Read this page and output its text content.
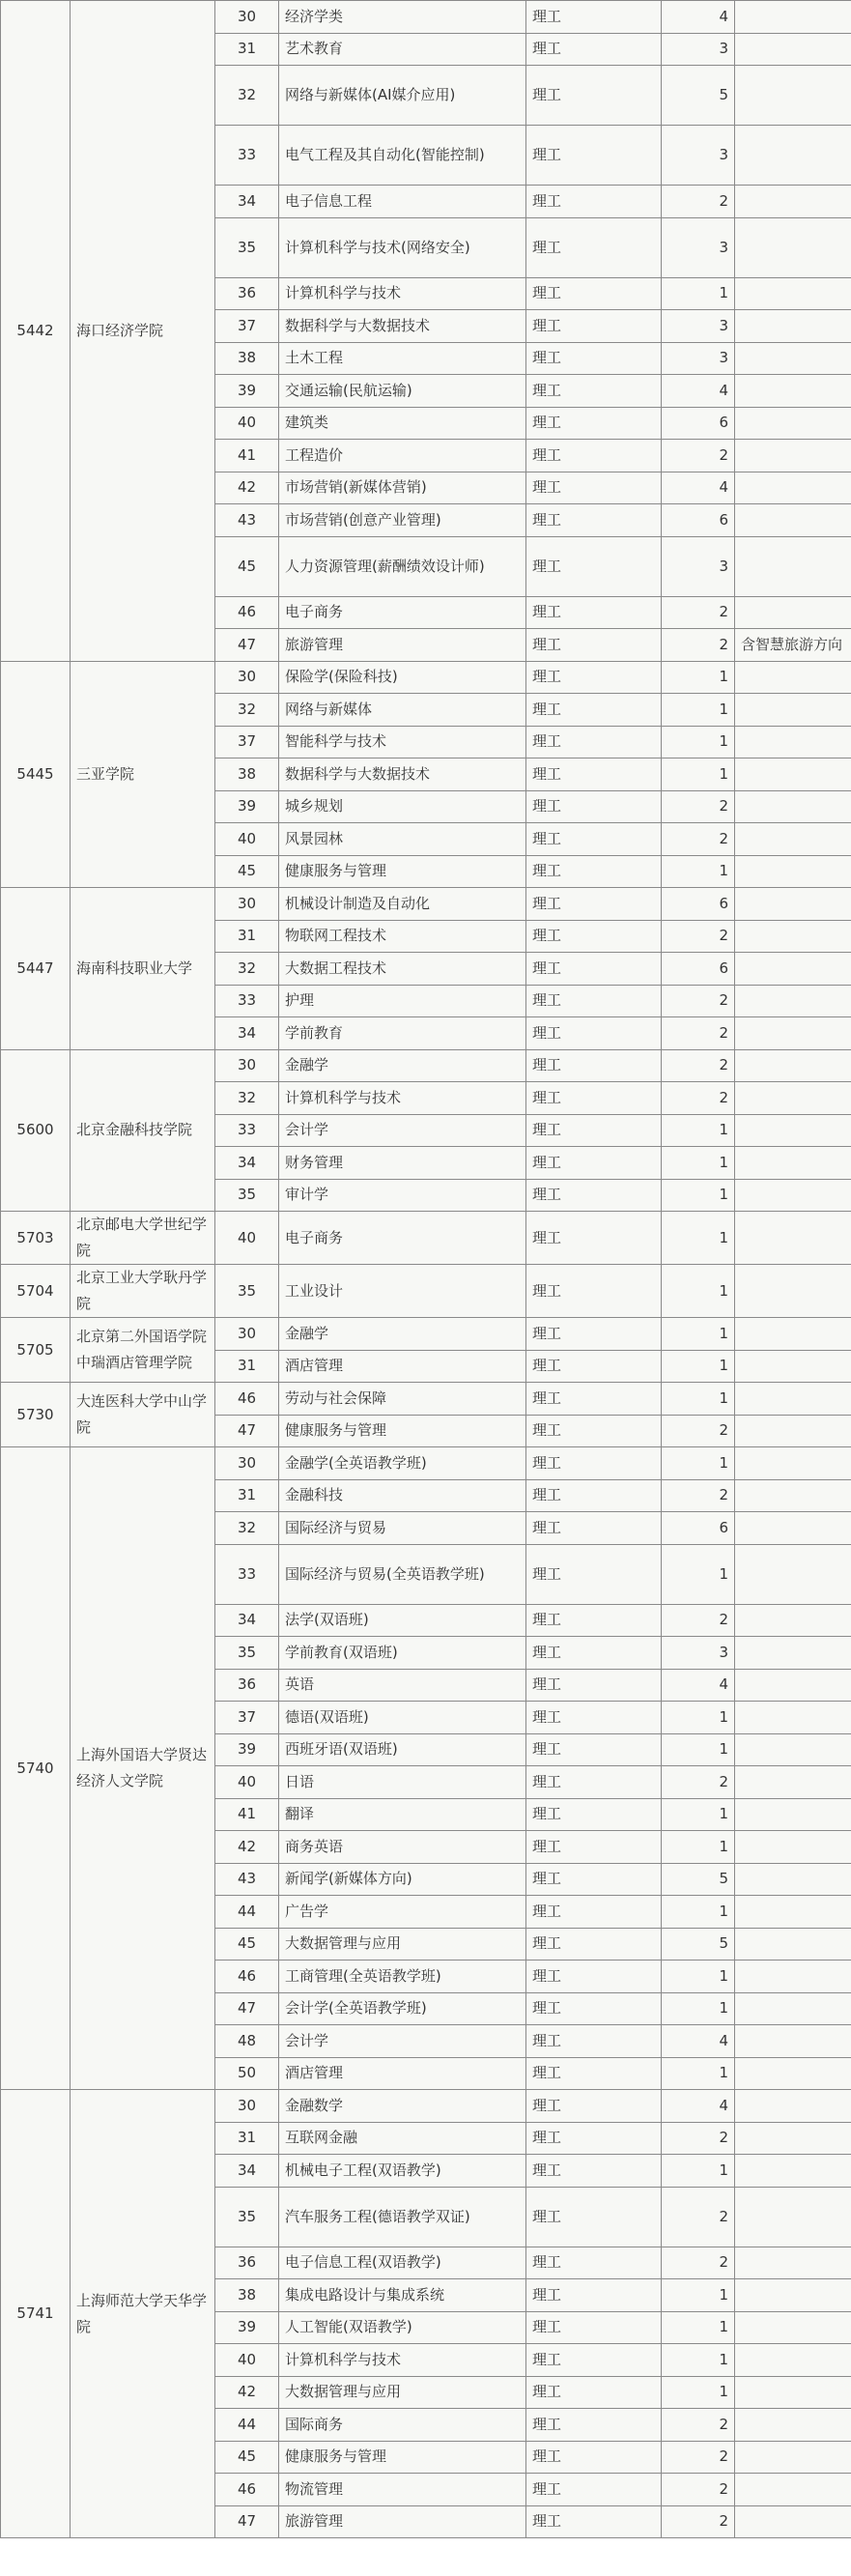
5442	海口经济学院	30	经济学类	理工	4	
		31	艺术教育	理工	3	
		32	网络与新媒体(AI媒介应用)	理工	5	
		33	电气工程及其自动化(智能控制)	理工	3	
		34	电子信息工程	理工	2	
		35	计算机科学与技术(网络安全)	理工	3	
		36	计算机科学与技术	理工	1	
		37	数据科学与大数据技术	理工	3	
		38	土木工程	理工	3	
		39	交通运输(民航运输)	理工	4	
		40	建筑类	理工	6	
		41	工程造价	理工	2	
		42	市场营销(新媒体营销)	理工	4	
		43	市场营销(创意产业管理)	理工	6	
		45	人力资源管理(薪酬绩效设计师)	理工	3	
		46	电子商务	理工	2	
		47	旅游管理	理工	2	含智慧旅游方向
5445	三亚学院	30	保险学(保险科技)	理工	1	
		32	网络与新媒体	理工	1	
		37	智能科学与技术	理工	1	
		38	数据科学与大数据技术	理工	1	
		39	城乡规划	理工	2	
		40	风景园林	理工	2	
		45	健康服务与管理	理工	1	
5447	海南科技职业大学	30	机械设计制造及自动化	理工	6	
		31	物联网工程技术	理工	2	
		32	大数据工程技术	理工	6	
		33	护理	理工	2	
		34	学前教育	理工	2	
5600	北京金融科技学院	30	金融学	理工	2	
		32	计算机科学与技术	理工	2	
		33	会计学	理工	1	
		34	财务管理	理工	1	
		35	审计学	理工	1	
5703	北京邮电大学世纪学院	40	电子商务	理工	1	
5704	北京工业大学耿丹学院	35	工业设计	理工	1	
5705	北京第二外国语学院中瑞酒店管理学院	30	金融学	理工	1	
		31	酒店管理	理工	1	
5730	大连医科大学中山学院	46	劳动与社会保障	理工	1	
		47	健康服务与管理	理工	2	
5740	上海外国语大学贤达经济人文学院	30	金融学(全英语教学班)	理工	1	
		31	金融科技	理工	2	
		32	国际经济与贸易	理工	6	
		33	国际经济与贸易(全英语教学班)	理工	1	
		34	法学(双语班)	理工	2	
		35	学前教育(双语班)	理工	3	
		36	英语	理工	4	
		37	德语(双语班)	理工	1	
		39	西班牙语(双语班)	理工	1	
		40	日语	理工	2	
		41	翻译	理工	1	
		42	商务英语	理工	1	
		43	新闻学(新媒体方向)	理工	5	
		44	广告学	理工	1	
		45	大数据管理与应用	理工	5	
		46	工商管理(全英语教学班)	理工	1	
		47	会计学(全英语教学班)	理工	1	
		48	会计学	理工	4	
		50	酒店管理	理工	1	
5741	上海师范大学天华学院	30	金融数学	理工	4	
		31	互联网金融	理工	2	
		34	机械电子工程(双语教学)	理工	1	
		35	汽车服务工程(德语教学双证)	理工	2	
		36	电子信息工程(双语教学)	理工	2	
		38	集成电路设计与集成系统	理工	1	
		39	人工智能(双语教学)	理工	1	
		40	计算机科学与技术	理工	1	
		42	大数据管理与应用	理工	1	
		44	国际商务	理工	2	
		45	健康服务与管理	理工	2	
		46	物流管理	理工	2	
		47	旅游管理	理工	2	
